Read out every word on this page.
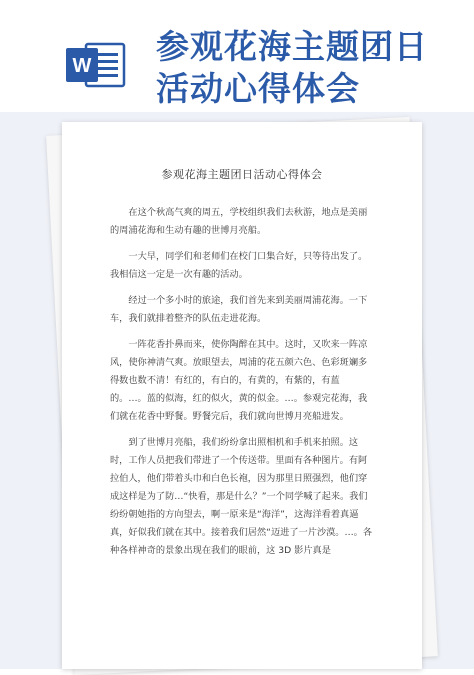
W 参观花海主题团日
活动心得体会
参观花海主题团日活动心得体会

在这个秋高气爽的周五，学校组织我们去秋游，地点是美丽的周浦花海和生动有趣的世博月亮船。

一大早，同学们和老师们在校门口集合好，只等待出发了。我相信这一定是一次有趣的活动。

经过一个多小时的旅途，我们首先来到美丽周浦花海。一下车，我们就排着整齐的队伍走进花海。

一阵花香扑鼻而来，使你陶醉在其中。这时，又吹来一阵凉风，使你神清气爽。放眼望去，周浦的花五颜六色、色彩斑斓多得数也数不清！有红的，有白的，有黄的，有紫的，有蓝的。…。蓝的似海，红的似火，黄的似金。…。参观完花海，我们就在花香中野餐。野餐完后，我们就向世博月亮船进发。

到了世博月亮船，我们纷纷拿出照相机和手机来拍照。这时，工作人员把我们带进了一个传送带。里面有各种图片。有阿拉伯人，他们带着头巾和白色长袍，因为那里日照强烈，他们穿成这样是为了防…“快看，那是什么？”一个同学喊了起来。我们纷纷朝她指的方向望去，啊一原来是“海洋”，这海洋看着真逼真，好似我们就在其中。接着我们居然“迈进了一片沙漠。…。各种各样神奇的景象出现在我们的眼前，这 3D 影片真是
